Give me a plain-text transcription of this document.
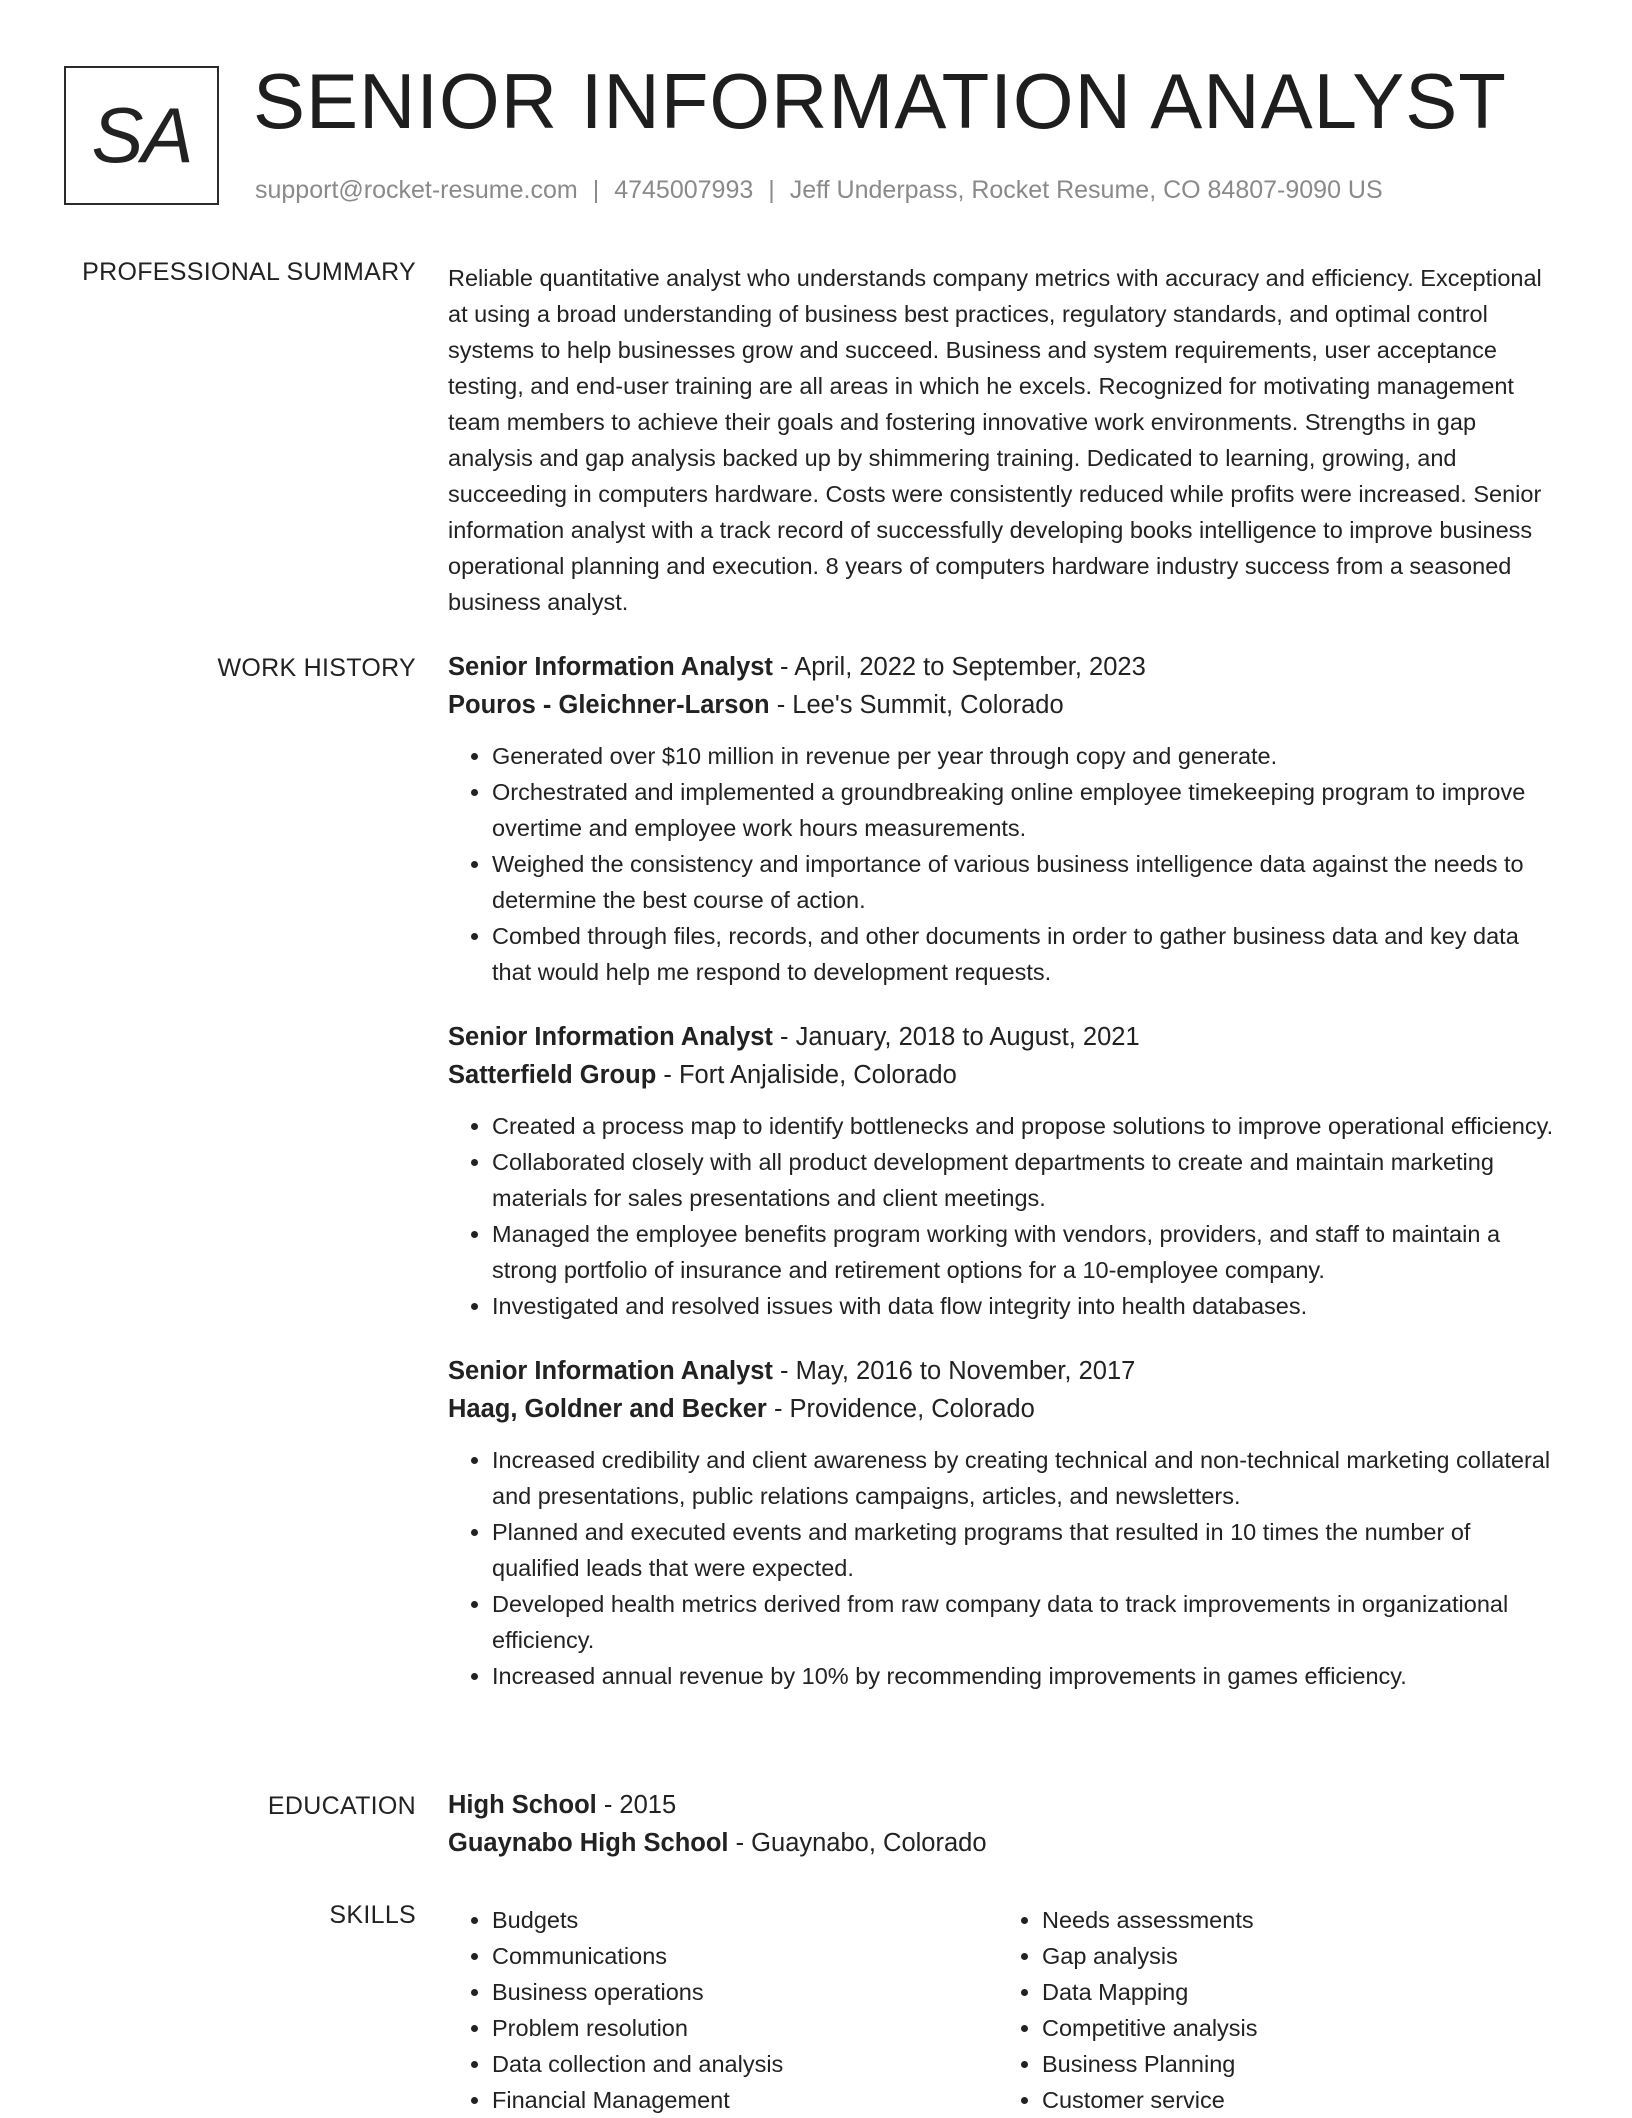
SA SENIOR INFORMATION ANALYST
support@rocket-resume.com | 4745007993 | Jeff Underpass, Rocket Resume, CO 84807-9090 US
PROFESSIONAL SUMMARY Reliable quantitative analyst who understands company metrics with accuracy and efficiency. Exceptional at using a broad understanding of business best practices, regulatory standards, and optimal control systems to help businesses grow and succeed. Business and system requirements, user acceptance testing, and end-user training are all areas in which he excels. Recognized for motivating management team members to achieve their goals and fostering innovative work environments. Strengths in gap analysis and gap analysis backed up by shimmering training. Dedicated to learning, growing, and succeeding in computers hardware. Costs were consistently reduced while profits were increased. Senior information analyst with a track record of successfully developing books intelligence to improve business operational planning and execution. 8 years of computers hardware industry success from a seasoned business analyst.

WORK HISTORY Senior Information Analyst - April, 2022 to September, 2023
Pouros - Gleichner-Larson - Lee's Summit, Colorado
• Generated over $10 million in revenue per year through copy and generate.
• Orchestrated and implemented a groundbreaking online employee timekeeping program to improve overtime and employee work hours measurements.
• Weighed the consistency and importance of various business intelligence data against the needs to determine the best course of action.
• Combed through files, records, and other documents in order to gather business data and key data that would help me respond to development requests.
Senior Information Analyst - January, 2018 to August, 2021
Satterfield Group - Fort Anjaliside, Colorado
• Created a process map to identify bottlenecks and propose solutions to improve operational efficiency.
• Collaborated closely with all product development departments to create and maintain marketing materials for sales presentations and client meetings.
• Managed the employee benefits program working with vendors, providers, and staff to maintain a strong portfolio of insurance and retirement options for a 10-employee company.
• Investigated and resolved issues with data flow integrity into health databases.
Senior Information Analyst - May, 2016 to November, 2017
Haag, Goldner and Becker - Providence, Colorado
• Increased credibility and client awareness by creating technical and non-technical marketing collateral and presentations, public relations campaigns, articles, and newsletters.
• Planned and executed events and marketing programs that resulted in 10 times the number of qualified leads that were expected.
• Developed health metrics derived from raw company data to track improvements in organizational efficiency.
• Increased annual revenue by 10% by recommending improvements in games efficiency.
EDUCATION High School - 2015
Guaynabo High School - Guaynabo, Colorado
SKILLS
•	Budgets
• Communications
• Business operations
• Problem resolution
• Data collection and analysis
• Financial Management
• Needs assessments
• Gap analysis
• Data Mapping
• Competitive analysis
• Business Planning
• Customer service
